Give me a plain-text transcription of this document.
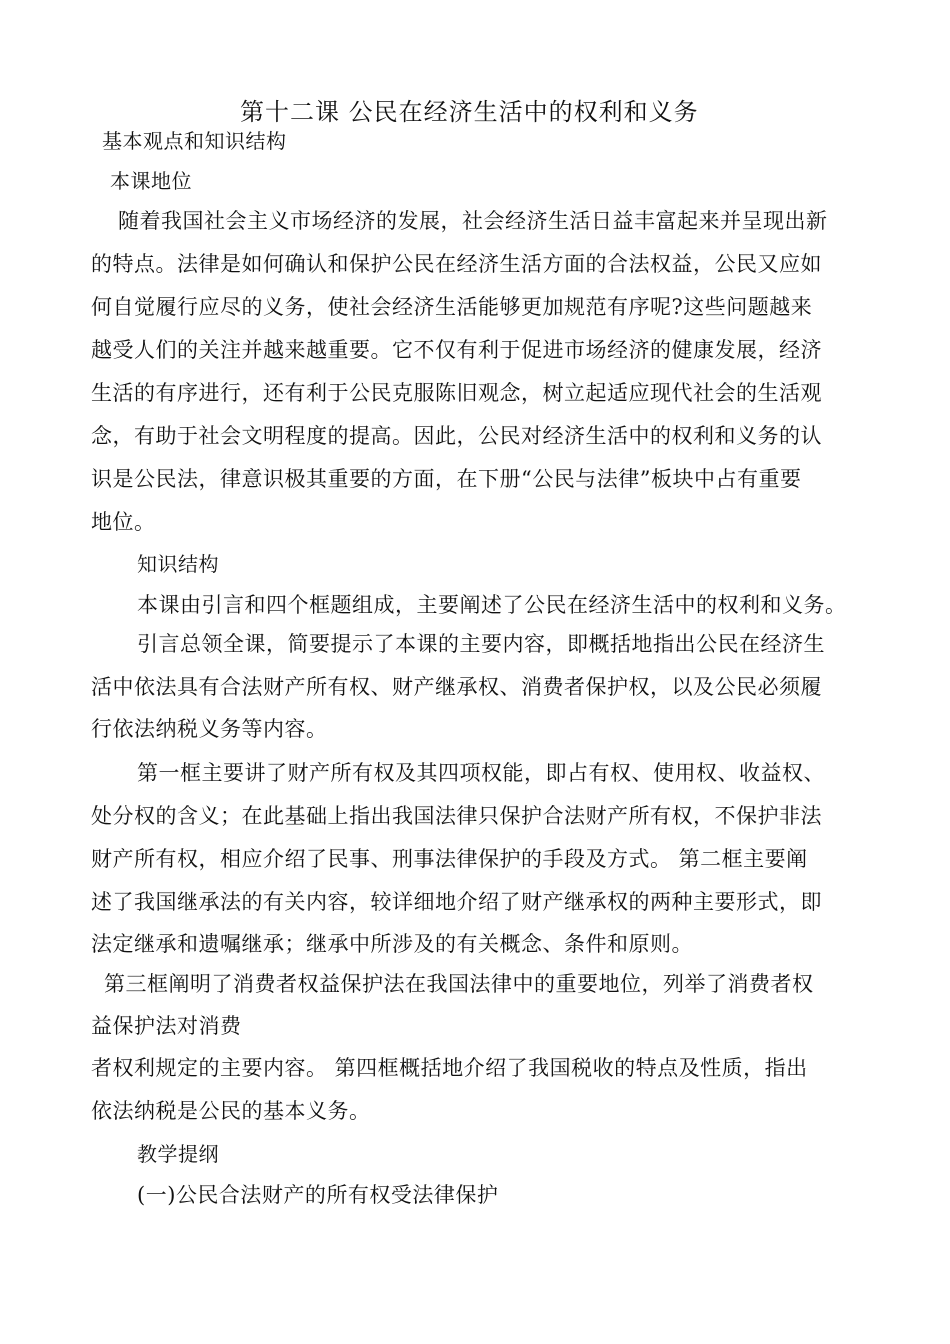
第十二课 公民在经济生活中的权利和义务
基本观点和知识结构
本课地位
随着我国社会主义市场经济的发展，社会经济生活日益丰富起来并呈现出新
的特点。法律是如何确认和保护公民在经济生活方面的合法权益，公民又应如
何自觉履行应尽的义务，使社会经济生活能够更加规范有序呢?这些问题越来
越受人们的关注并越来越重要。它不仅有利于促进市场经济的健康发展，经济
生活的有序进行，还有利于公民克服陈旧观念，树立起适应现代社会的生活观
念，有助于社会文明程度的提高。因此，公民对经济生活中的权利和义务的认
识是公民法，律意识极其重要的方面，在下册“公民与法律”板块中占有重要
地位。
知识结构
本课由引言和四个框题组成，主要阐述了公民在经济生活中的权利和义务。
引言总领全课，简要提示了本课的主要内容，即概括地指出公民在经济生
活中依法具有合法财产所有权、财产继承权、消费者保护权，以及公民必须履
行依法纳税义务等内容。
第一框主要讲了财产所有权及其四项权能，即占有权、使用权、收益权、
处分权的含义；在此基础上指出我国法律只保护合法财产所有权，不保护非法
财产所有权，相应介绍了民事、刑事法律保护的手段及方式。 第二框主要阐
述了我国继承法的有关内容，较详细地介绍了财产继承权的两种主要形式，即
法定继承和遗嘱继承；继承中所涉及的有关概念、条件和原则。
第三框阐明了消费者权益保护法在我国法律中的重要地位，列举了消费者权
益保护法对消费
者权利规定的主要内容。 第四框概括地介绍了我国税收的特点及性质，指出
依法纳税是公民的基本义务。
教学提纲
(一)公民合法财产的所有权受法律保护
